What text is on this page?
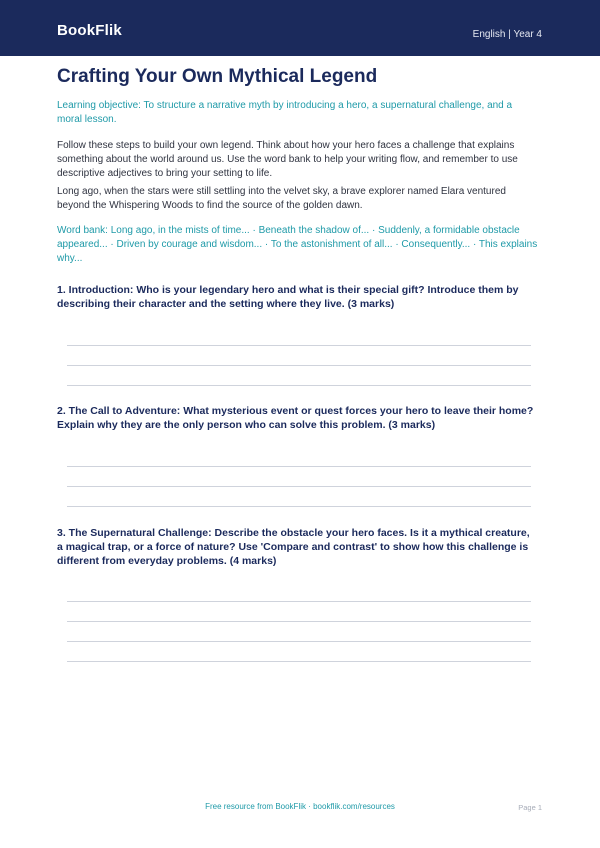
BookFlik	English | Year 4
Crafting Your Own Mythical Legend

Learning objective: To structure a narrative myth by introducing a hero, a supernatural challenge, and a moral lesson.

Follow these steps to build your own legend. Think about how your hero faces a challenge that explains something about the world around us. Use the word bank to help your writing flow, and remember to use descriptive adjectives to bring your setting to life.

Long ago, when the stars were still settling into the velvet sky, a brave explorer named Elara ventured beyond the Whispering Woods to find the source of the golden dawn.

Word bank: Long ago, in the mists of time... · Beneath the shadow of... · Suddenly, a formidable obstacle appeared... · Driven by courage and wisdom... · To the astonishment of all... · Consequently... · This explains why...

1. Introduction: Who is your legendary hero and what is their special gift? Introduce them by describing their character and the setting where they live. (3 marks)
2. The Call to Adventure: What mysterious event or quest forces your hero to leave their home? Explain why they are the only person who can solve this problem. (3 marks)
3. The Supernatural Challenge: Describe the obstacle your hero faces. Is it a mythical creature, a magical trap, or a force of nature? Use 'Compare and contrast' to show how this challenge is different from everyday problems. (4 marks)
Free resource from BookFlik · bookflik.com/resources	Page 1
